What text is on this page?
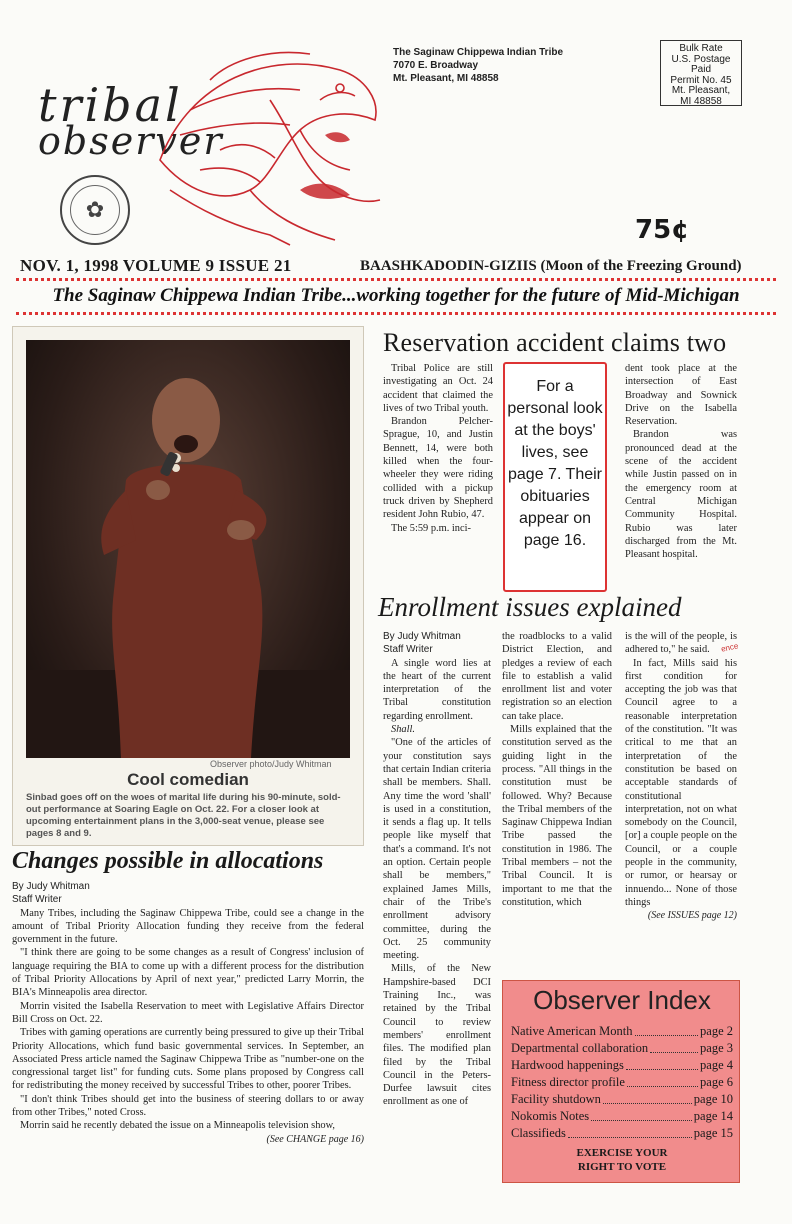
tribal
observer
✿
The Saginaw Chippewa Indian Tribe
7070 E. Broadway
Mt. Pleasant, MI 48858
Bulk Rate
U.S. Postage
Paid
Permit No. 45
Mt. Pleasant,
MI 48858
75¢
NOV. 1, 1998 VOLUME 9 ISSUE 21	BAASHKADODIN-GIZIIS (Moon of the Freezing Ground)
The Saginaw Chippewa Indian Tribe...working together for the future of Mid-Michigan
Observer photo/Judy Whitman
Cool comedian
Sinbad goes off on the woes of marital life during his 90-minute, sold-out performance at Soaring Eagle on Oct. 22. For a closer look at upcoming entertainment plans in the 3,000-seat venue, please see pages 8 and 9.
Reservation accident claims two

Tribal Police are still investigating an Oct. 24 accident that claimed the lives of two Tribal youth.

Brandon Pelcher-Sprague, 10, and Justin Bennett, 14, were both killed when the four-wheeler they were riding collided with a pickup truck driven by Shepherd resident John Rubio, 47.

The 5:59 p.m. inci-

For a personal look at the boys' lives, see page 7. Their obituaries appear on page 16.

dent took place at the intersection of East Broadway and Sownick Drive on the Isabella Reservation.

Brandon was pronounced dead at the scene of the accident while Justin passed on in the emergency room at Central Michigan Community Hospital. Rubio was later discharged from the Mt. Pleasant hospital.

Enrollment issues explained
ence

By Judy Whitman

Staff Writer

A single word lies at the heart of the current interpretation of the Tribal constitution regarding enrollment.

Shall.

"One of the articles of your constitution says that certain Indian criteria shall be members. Shall. Any time the word 'shall' is used in a constitution, it sends a flag up. It tells people like myself that that's a command. It's not an option. Certain people shall be members," explained James Mills, chair of the Tribe's enrollment advisory committee, during the Oct. 25 community meeting.

Mills, of the New Hampshire-based DCI Training Inc., was retained by the Tribal Council to review members' enrollment files. The modified plan filed by the Tribal Council in the Peters-Durfee lawsuit cites enrollment as one of

the roadblocks to a valid District Election, and pledges a review of each file to establish a valid enrollment list and voter registration so an election can take place.

Mills explained that the constitution served as the guiding light in the process. "All things in the constitution must be followed. Why? Because the Tribal members of the Saginaw Chippewa Indian Tribe passed the constitution in 1986. The Tribal members – not the Tribal Council. It is important to me that the constitution, which

is the will of the people, is adhered to," he said.

In fact, Mills said his first condition for accepting the job was that Council agree to a reasonable interpretation of the constitution. "It was critical to me that an interpretation of the constitution be based on acceptable standards of constitutional interpretation, not on what somebody on the Council, [or] a couple people on the Council, or a couple people in the community, or rumor, or hearsay or innuendo... None of those things

(See ISSUES page 12)

Changes possible in allocations

By Judy Whitman

Staff Writer

Many Tribes, including the Saginaw Chippewa Tribe, could see a change in the amount of Tribal Priority Allocation funding they receive from the federal government in the future.

"I think there are going to be some changes as a result of Congress' inclusion of language requiring the BIA to come up with a different process for the distribution of Tribal Priority Allocations by April of next year," predicted Larry Morrin, the BIA's Minneapolis area director.

Morrin visited the Isabella Reservation to meet with Legislative Affairs Director Bill Cross on Oct. 22.

Tribes with gaming operations are currently being pressured to give up their Tribal Priority Allocations, which fund basic governmental services. In September, an Associated Press article named the Saginaw Chippewa Tribe as "number-one on the congressional target list" for funding cuts. Some plans proposed by Congress call for redistributing the money received by successful Tribes to other, poorer Tribes.

"I don't think Tribes should get into the business of steering dollars to or away from other Tribes," noted Cross.

Morrin said he recently debated the issue on a Minneapolis television show,

(See CHANGE page 16)

Observer Index
Native American Month	page 2
Departmental collaboration	page 3
Hardwood happenings	page 4
Fitness director profile	page 6
Facility shutdown	page 10
Nokomis Notes	page 14
Classifieds	page 15
EXERCISE YOUR
RIGHT TO VOTE
